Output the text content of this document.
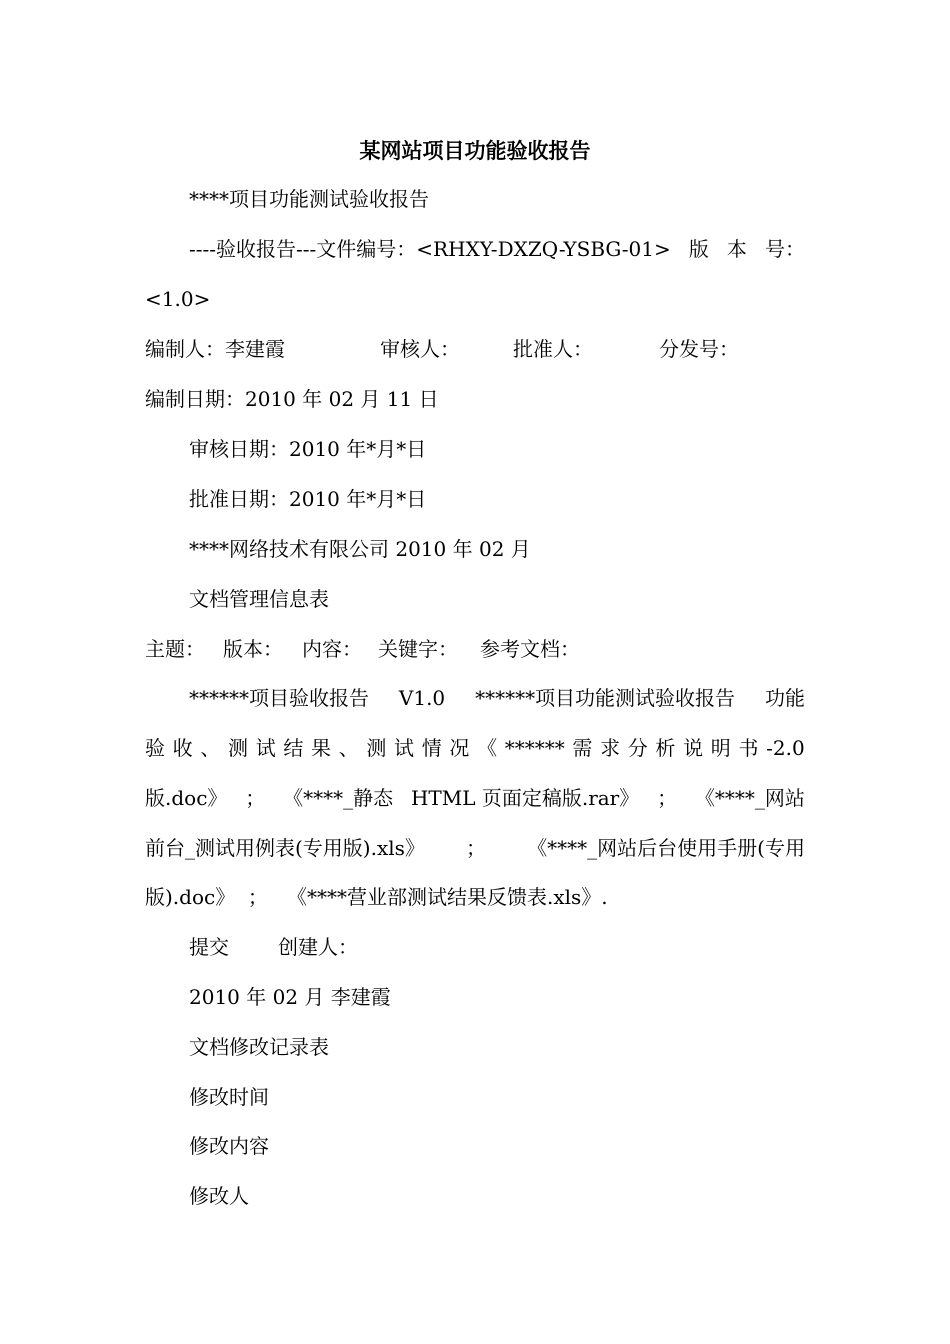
某网站项目功能验收报告
****项目功能测试验收报告
----验收报告---文件编号：<RHXY-DXZQ-YSBG-01> 版 本 号：
<1.0>
编制人：李建霞	审核人：	批准人：	分发号：
编制日期：2010 年 02 月 11 日
审核日期：2010 年*月*日
批准日期：2010 年*月*日
****网络技术有限公司 2010 年 02 月
文档管理信息表
主题： 版本： 内容： 关键字： 参考文档：
******项目验收报告 V1.0 ******项目功能测试验收报告 功能
验 收 、 测 试 结 果 、 测 试 情 况 《 ****** 需 求 分 析 说 明 书 -2.0
版.doc》 ； 《****_静态 HTML 页面定稿版.rar》 ； 《****_网站
前台_测试用例表(专用版).xls》 ； 《****_网站后台使用手册(专用
版).doc》  ；   《****营业部测试结果反馈表.xls》.
提交 创建人：
2010 年 02 月 李建霞
文档修改记录表
修改时间
修改内容
修改人
